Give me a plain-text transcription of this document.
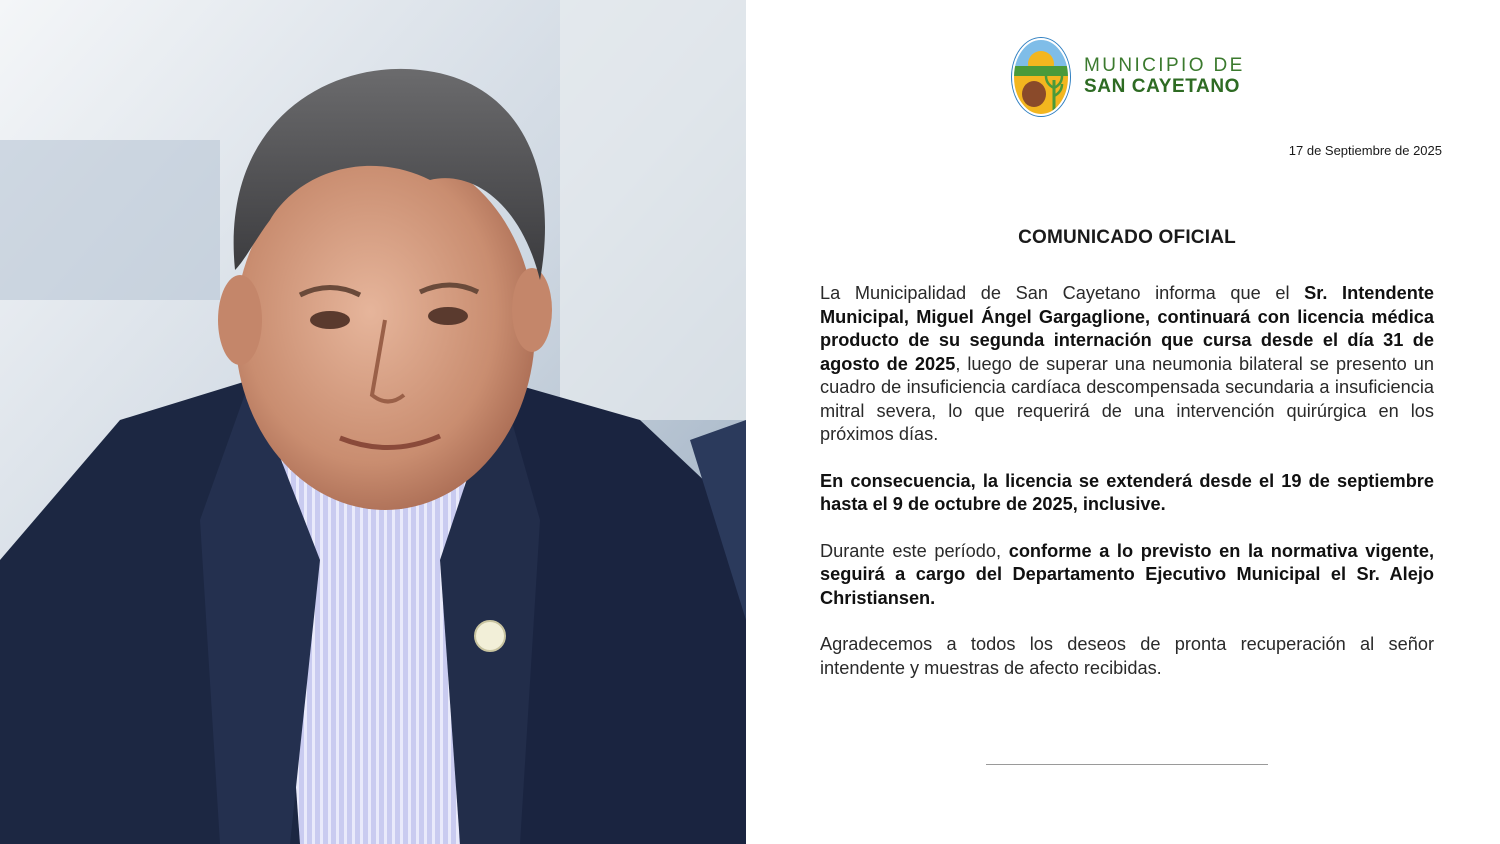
MUNICIPIO DE
SAN CAYETANO
17 de Septiembre de 2025
COMUNICADO OFICIAL

La Municipalidad de San Cayetano informa que el Sr. Intendente Municipal, Miguel Ángel Gargaglione, continuará con licencia médica producto de su segunda internación que cursa desde el día 31 de agosto de 2025, luego de superar una neumonia bilateral se presento un cuadro de insuficiencia cardíaca descompensada secundaria a insuficiencia mitral severa, lo que requerirá de una intervención quirúrgica en los próximos días.

En consecuencia, la licencia se extenderá desde el 19 de septiembre hasta el 9 de octubre de 2025, inclusive.

Durante este período, conforme a lo previsto en la normativa vigente, seguirá a cargo del Departamento Ejecutivo Municipal el Sr. Alejo Christiansen.

Agradecemos a todos los deseos de pronta recuperación al señor intendente y muestras de afecto recibidas.
